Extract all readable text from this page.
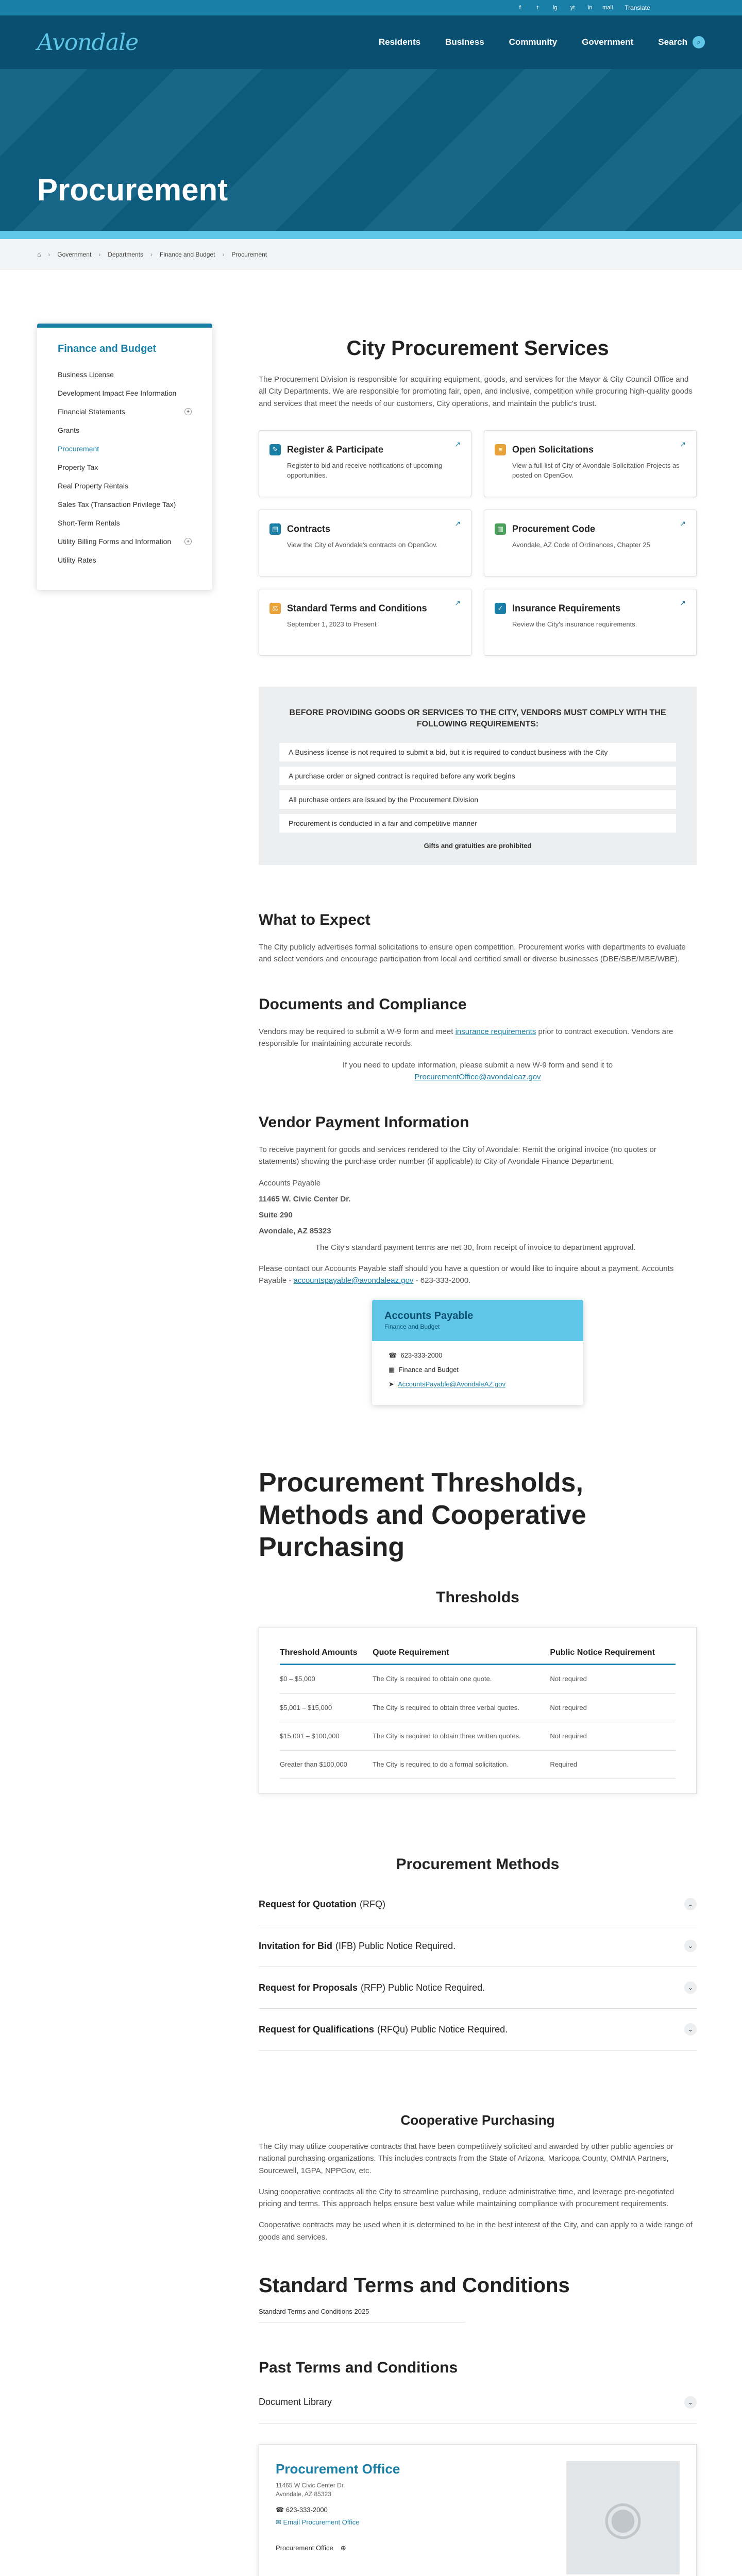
f	t	ig	yt	in	mail	Translate
Avondale	Residents	Business	Community	Government	Search	⌕
Procurement
⌂ › Government › Departments › Finance and Budget › Procurement
Finance and Budget
Business License
Development Impact Fee Information
Financial Statements	+
Grants
Procurement
Property Tax
Real Property Rentals
Sales Tax (Transaction Privilege Tax)
Short-Term Rentals
Utility Billing Forms and Information	+
Utility Rates
City Procurement Services

The Procurement Division is responsible for acquiring equipment, goods, and services for the Mayor & City Council Office and all City Departments. We are responsible for promoting fair, open, and inclusive, competition while procuring high-quality goods and services that meet the needs of our customers, City operations, and maintain the public's trust.

✎ Register & Participate

Register to bid and receive notifications of upcoming opportunities.

↗
≡ Open Solicitations

View a full list of City of Avondale Solicitation Projects as posted on OpenGov.

↗
▤ Contracts

View the City of Avondale's contracts on OpenGov.

↗
▥ Procurement Code

Avondale, AZ Code of Ordinances, Chapter 25

↗
⚖ Standard Terms and Conditions

September 1, 2023 to Present

↗
✓ Insurance Requirements

Review the City's insurance requirements.

↗
BEFORE PROVIDING GOODS OR SERVICES TO THE CITY, VENDORS MUST COMPLY WITH THE FOLLOWING REQUIREMENTS:
A Business license is not required to submit a bid, but it is required to conduct business with the City
A purchase order or signed contract is required before any work begins
All purchase orders are issued by the Procurement Division
Procurement is conducted in a fair and competitive manner
Gifts and gratuities are prohibited
What to Expect

The City publicly advertises formal solicitations to ensure open competition. Procurement works with departments to evaluate and select vendors and encourage participation from local and certified small or diverse businesses (DBE/SBE/MBE/WBE).

Documents and Compliance

Vendors may be required to submit a W-9 form and meet insurance requirements prior to contract execution. Vendors are responsible for maintaining accurate records.

If you need to update information, please submit a new W-9 form and send it to
ProcurementOffice@avondaleaz.gov

Vendor Payment Information

To receive payment for goods and services rendered to the City of Avondale: Remit the original invoice (no quotes or statements) showing the purchase order number (if applicable) to City of Avondale Finance Department.

Accounts Payable

11465 W. Civic Center Dr.

Suite 290

Avondale, AZ 85323

The City's standard payment terms are net 30, from receipt of invoice to department approval.

Please contact our Accounts Payable staff should you have a question or would like to inquire about a payment. Accounts Payable - accountspayable@avondaleaz.gov - 623-333-2000.

Accounts Payable
Finance and Budget
☎ 623-333-2000
▦ Finance and Budget
➤ AccountsPayable@AvondaleAZ.gov
Procurement Thresholds, Methods and Cooperative Purchasing
Thresholds
Threshold Amounts	Quote Requirement	Public Notice Requirement
$0 – $5,000	The City is required to obtain one quote.	Not required
$5,001 – $15,000	The City is required to obtain three verbal quotes.	Not required
$15,001 – $100,000	The City is required to obtain three written quotes.	Not required
Greater than $100,000	The City is required to do a formal solicitation.	Required
Procurement Methods
Request for Quotation (RFQ)	⌄
Invitation for Bid (IFB) Public Notice Required.	⌄
Request for Proposals (RFP) Public Notice Required.	⌄
Request for Qualifications (RFQu) Public Notice Required.	⌄
Cooperative Purchasing

The City may utilize cooperative contracts that have been competitively solicited and awarded by other public agencies or national purchasing organizations. This includes contracts from the State of Arizona, Maricopa County, OMNIA Partners, Sourcewell, 1GPA, NPPGov, etc.

Using cooperative contracts all the City to streamline purchasing, reduce administrative time, and leverage pre-negotiated pricing and terms. This approach helps ensure best value while maintaining compliance with procurement requirements.

Cooperative contracts may be used when it is determined to be in the best interest of the City, and can apply to a wide range of goods and services.

Standard Terms and Conditions
Standard Terms and Conditions 2025
Past Terms and Conditions
Document Library	⌄
Procurement Office
11465 W Civic Center Dr.
Avondale, AZ 85323
☎ 623-333-2000
✉ Email Procurement Office
Procurement Office ⊕
◉
